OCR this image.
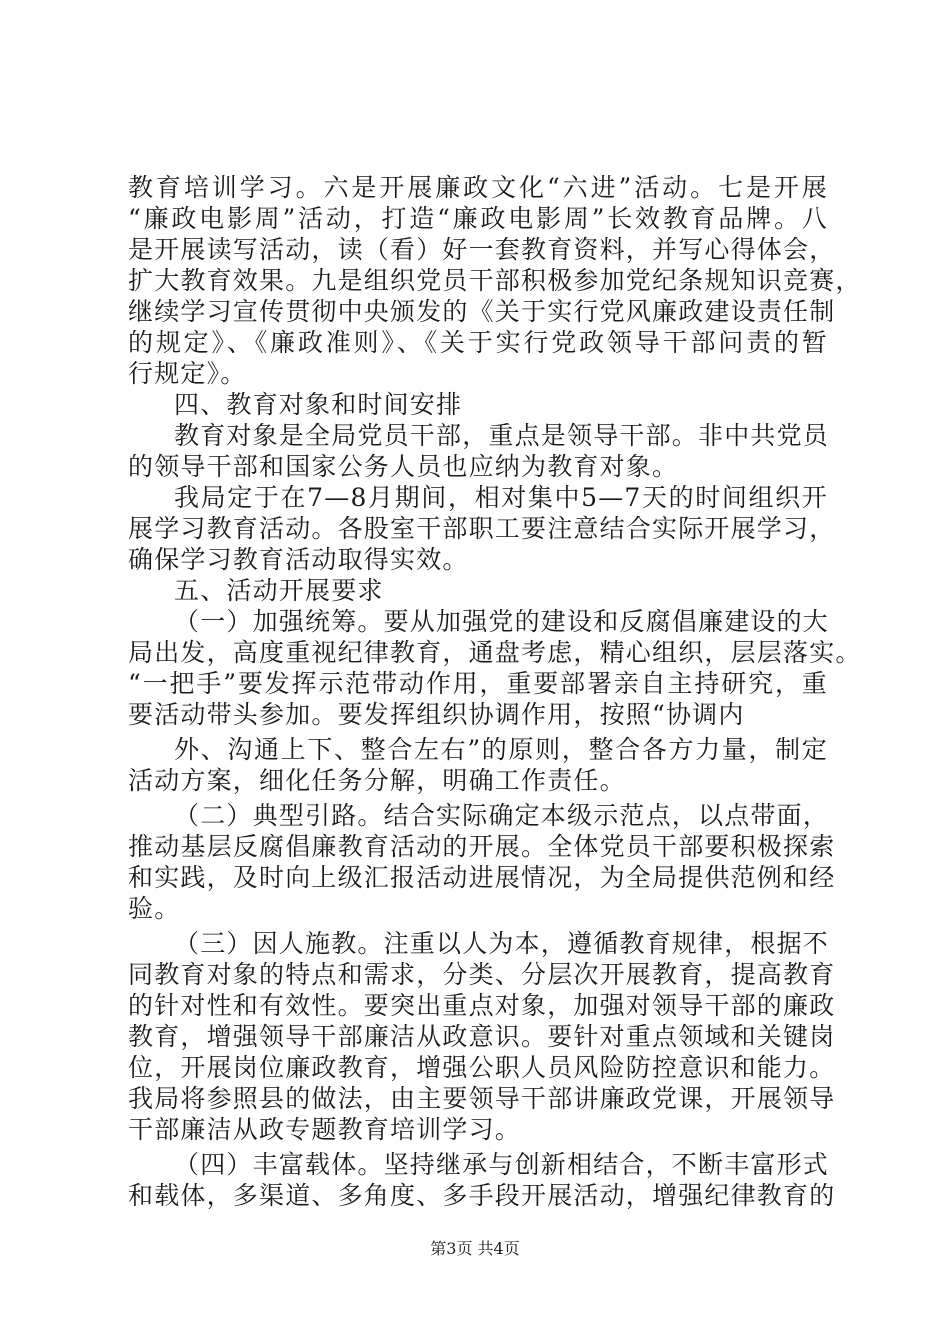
教育培训学习。六是开展廉政文化“六进”活动。七是开展
“廉政电影周”活动，打造“廉政电影周”长效教育品牌。八
是开展读写活动，读（看）好一套教育资料，并写心得体会，
扩大教育效果。九是组织党员干部积极参加党纪条规知识竞赛，
继续学习宣传贯彻中央颁发的《关于实行党风廉政建设责任制
的规定》、《廉政准则》、《关于实行党政领导干部问责的暂
行规定》。
四、教育对象和时间安排
教育对象是全局党员干部，重点是领导干部。非中共党员
的领导干部和国家公务人员也应纳为教育对象。
我局定于在7—8月期间，相对集中5—7天的时间组织开
展学习教育活动。各股室干部职工要注意结合实际开展学习，
确保学习教育活动取得实效。
五、活动开展要求
（一）加强统筹。要从加强党的建设和反腐倡廉建设的大
局出发，高度重视纪律教育，通盘考虑，精心组织，层层落实。
“一把手”要发挥示范带动作用，重要部署亲自主持研究，重
要活动带头参加。要发挥组织协调作用，按照“协调内
外、沟通上下、整合左右”的原则，整合各方力量，制定
活动方案，细化任务分解，明确工作责任。
（二）典型引路。结合实际确定本级示范点，以点带面，
推动基层反腐倡廉教育活动的开展。全体党员干部要积极探索
和实践，及时向上级汇报活动进展情况，为全局提供范例和经
验。
（三）因人施教。注重以人为本，遵循教育规律，根据不
同教育对象的特点和需求，分类、分层次开展教育，提高教育
的针对性和有效性。要突出重点对象，加强对领导干部的廉政
教育，增强领导干部廉洁从政意识。要针对重点领域和关键岗
位，开展岗位廉政教育，增强公职人员风险防控意识和能力。
我局将参照县的做法，由主要领导干部讲廉政党课，开展领导
干部廉洁从政专题教育培训学习。
（四）丰富载体。坚持继承与创新相结合，不断丰富形式
和载体，多渠道、多角度、多手段开展活动，增强纪律教育的
第3页 共4页
